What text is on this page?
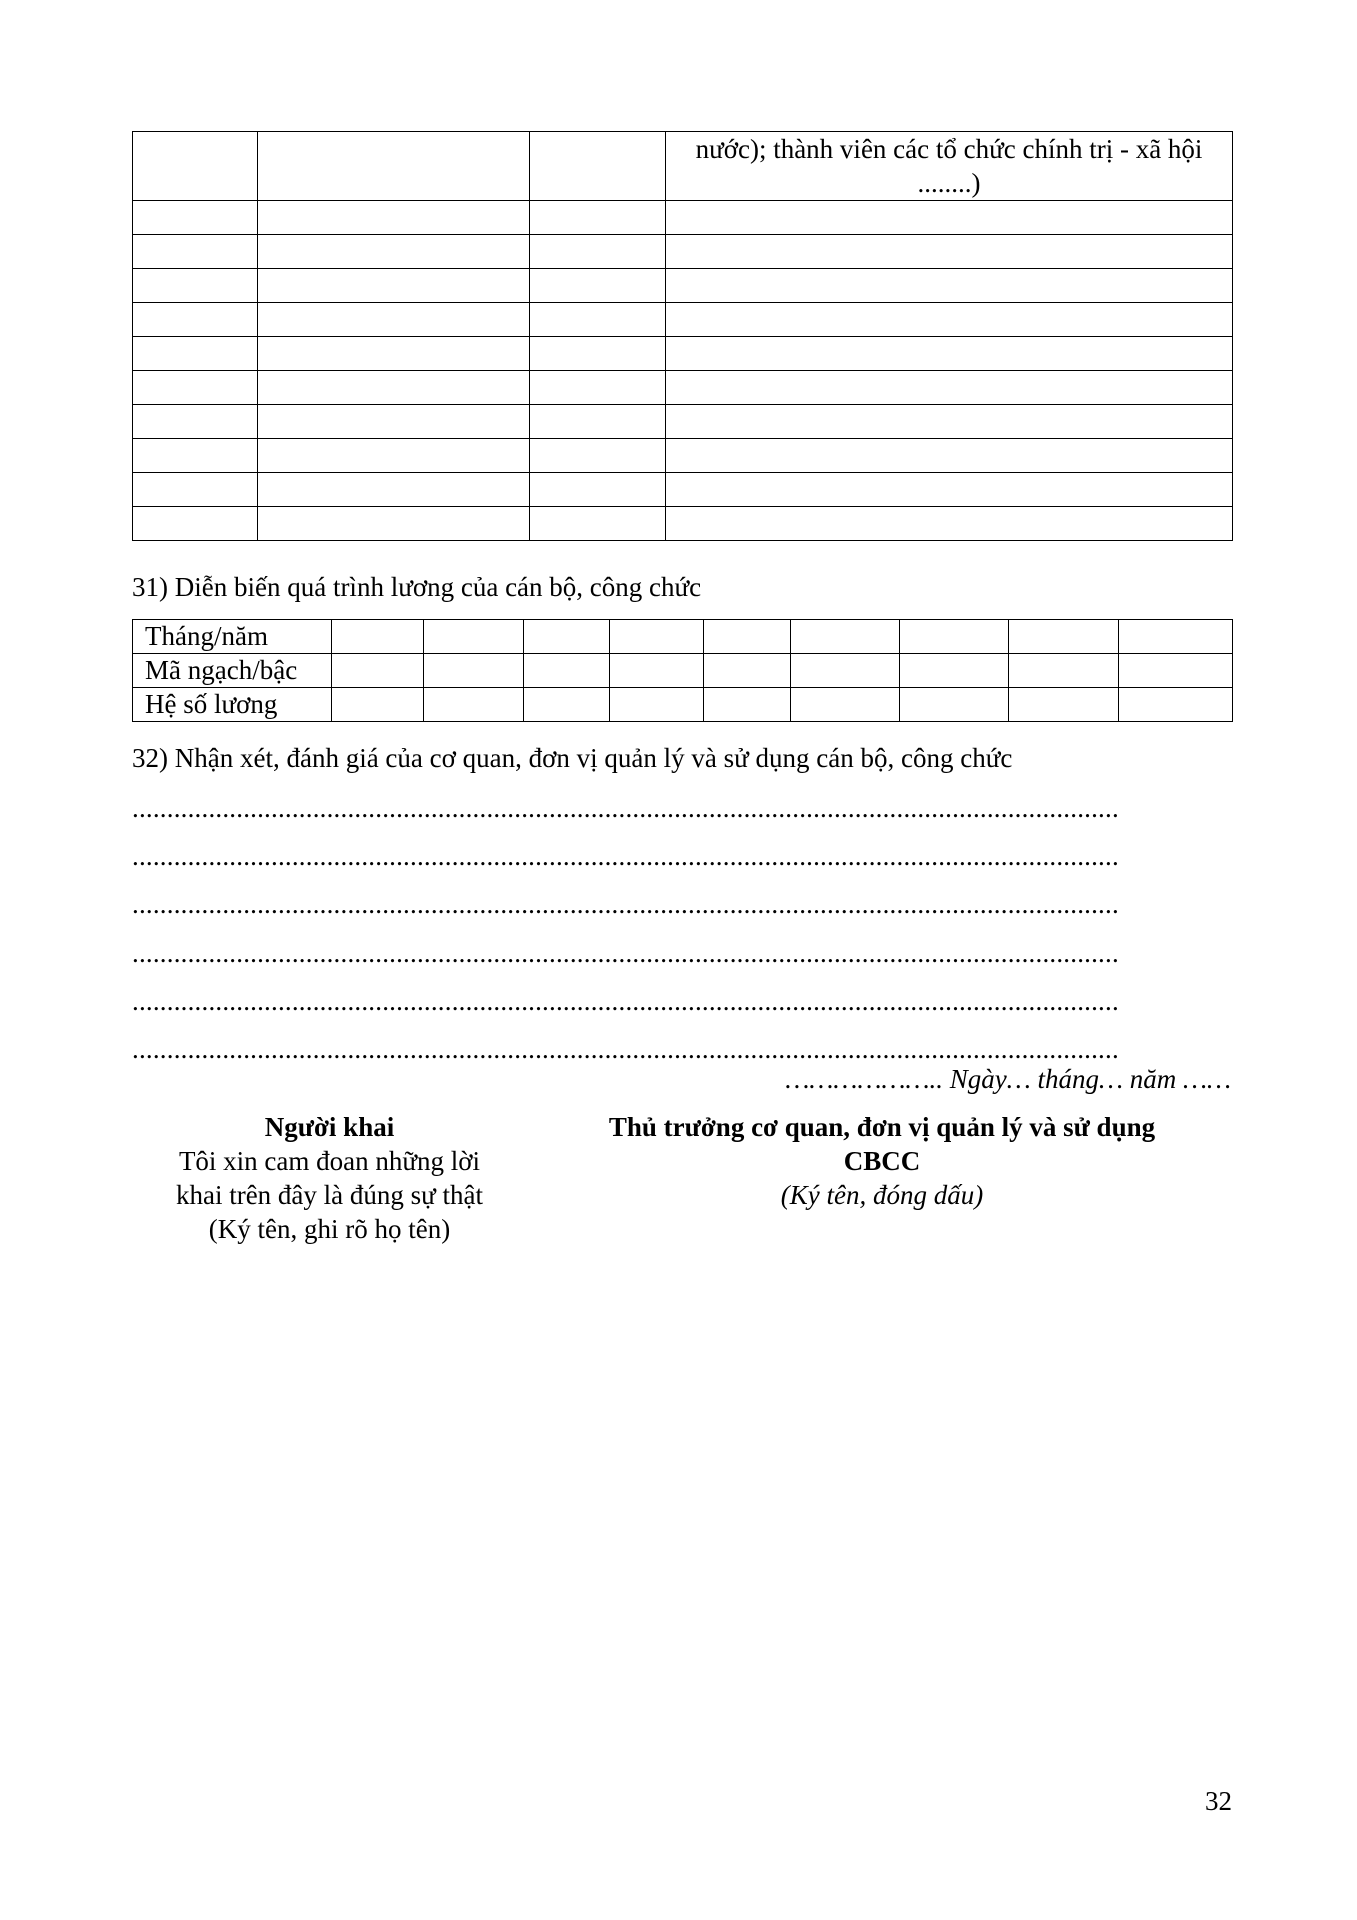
			nước); thành viên các tổ chức chính trị - xã hội ........)

31) Diễn biến quá trình lương của cán bộ, công chức
Tháng/năm									
Mã ngạch/bậc									
Hệ số lương									
32) Nhận xét, đánh giá của cơ quan, đơn vị quản lý và sử dụng cán bộ, công chức
..............................................................................................................................................
..............................................................................................................................................
..............................................................................................................................................
..............................................................................................................................................
..............................................................................................................................................
..............................................................................................................................................
……………….. Ngày… tháng… năm ……
Người khai
Tôi xin cam đoan những lời
khai trên đây là đúng sự thật
(Ký tên, ghi rõ họ tên)
Thủ trưởng cơ quan, đơn vị quản lý và sử dụng
CBCC
(Ký tên, đóng dấu)
32
